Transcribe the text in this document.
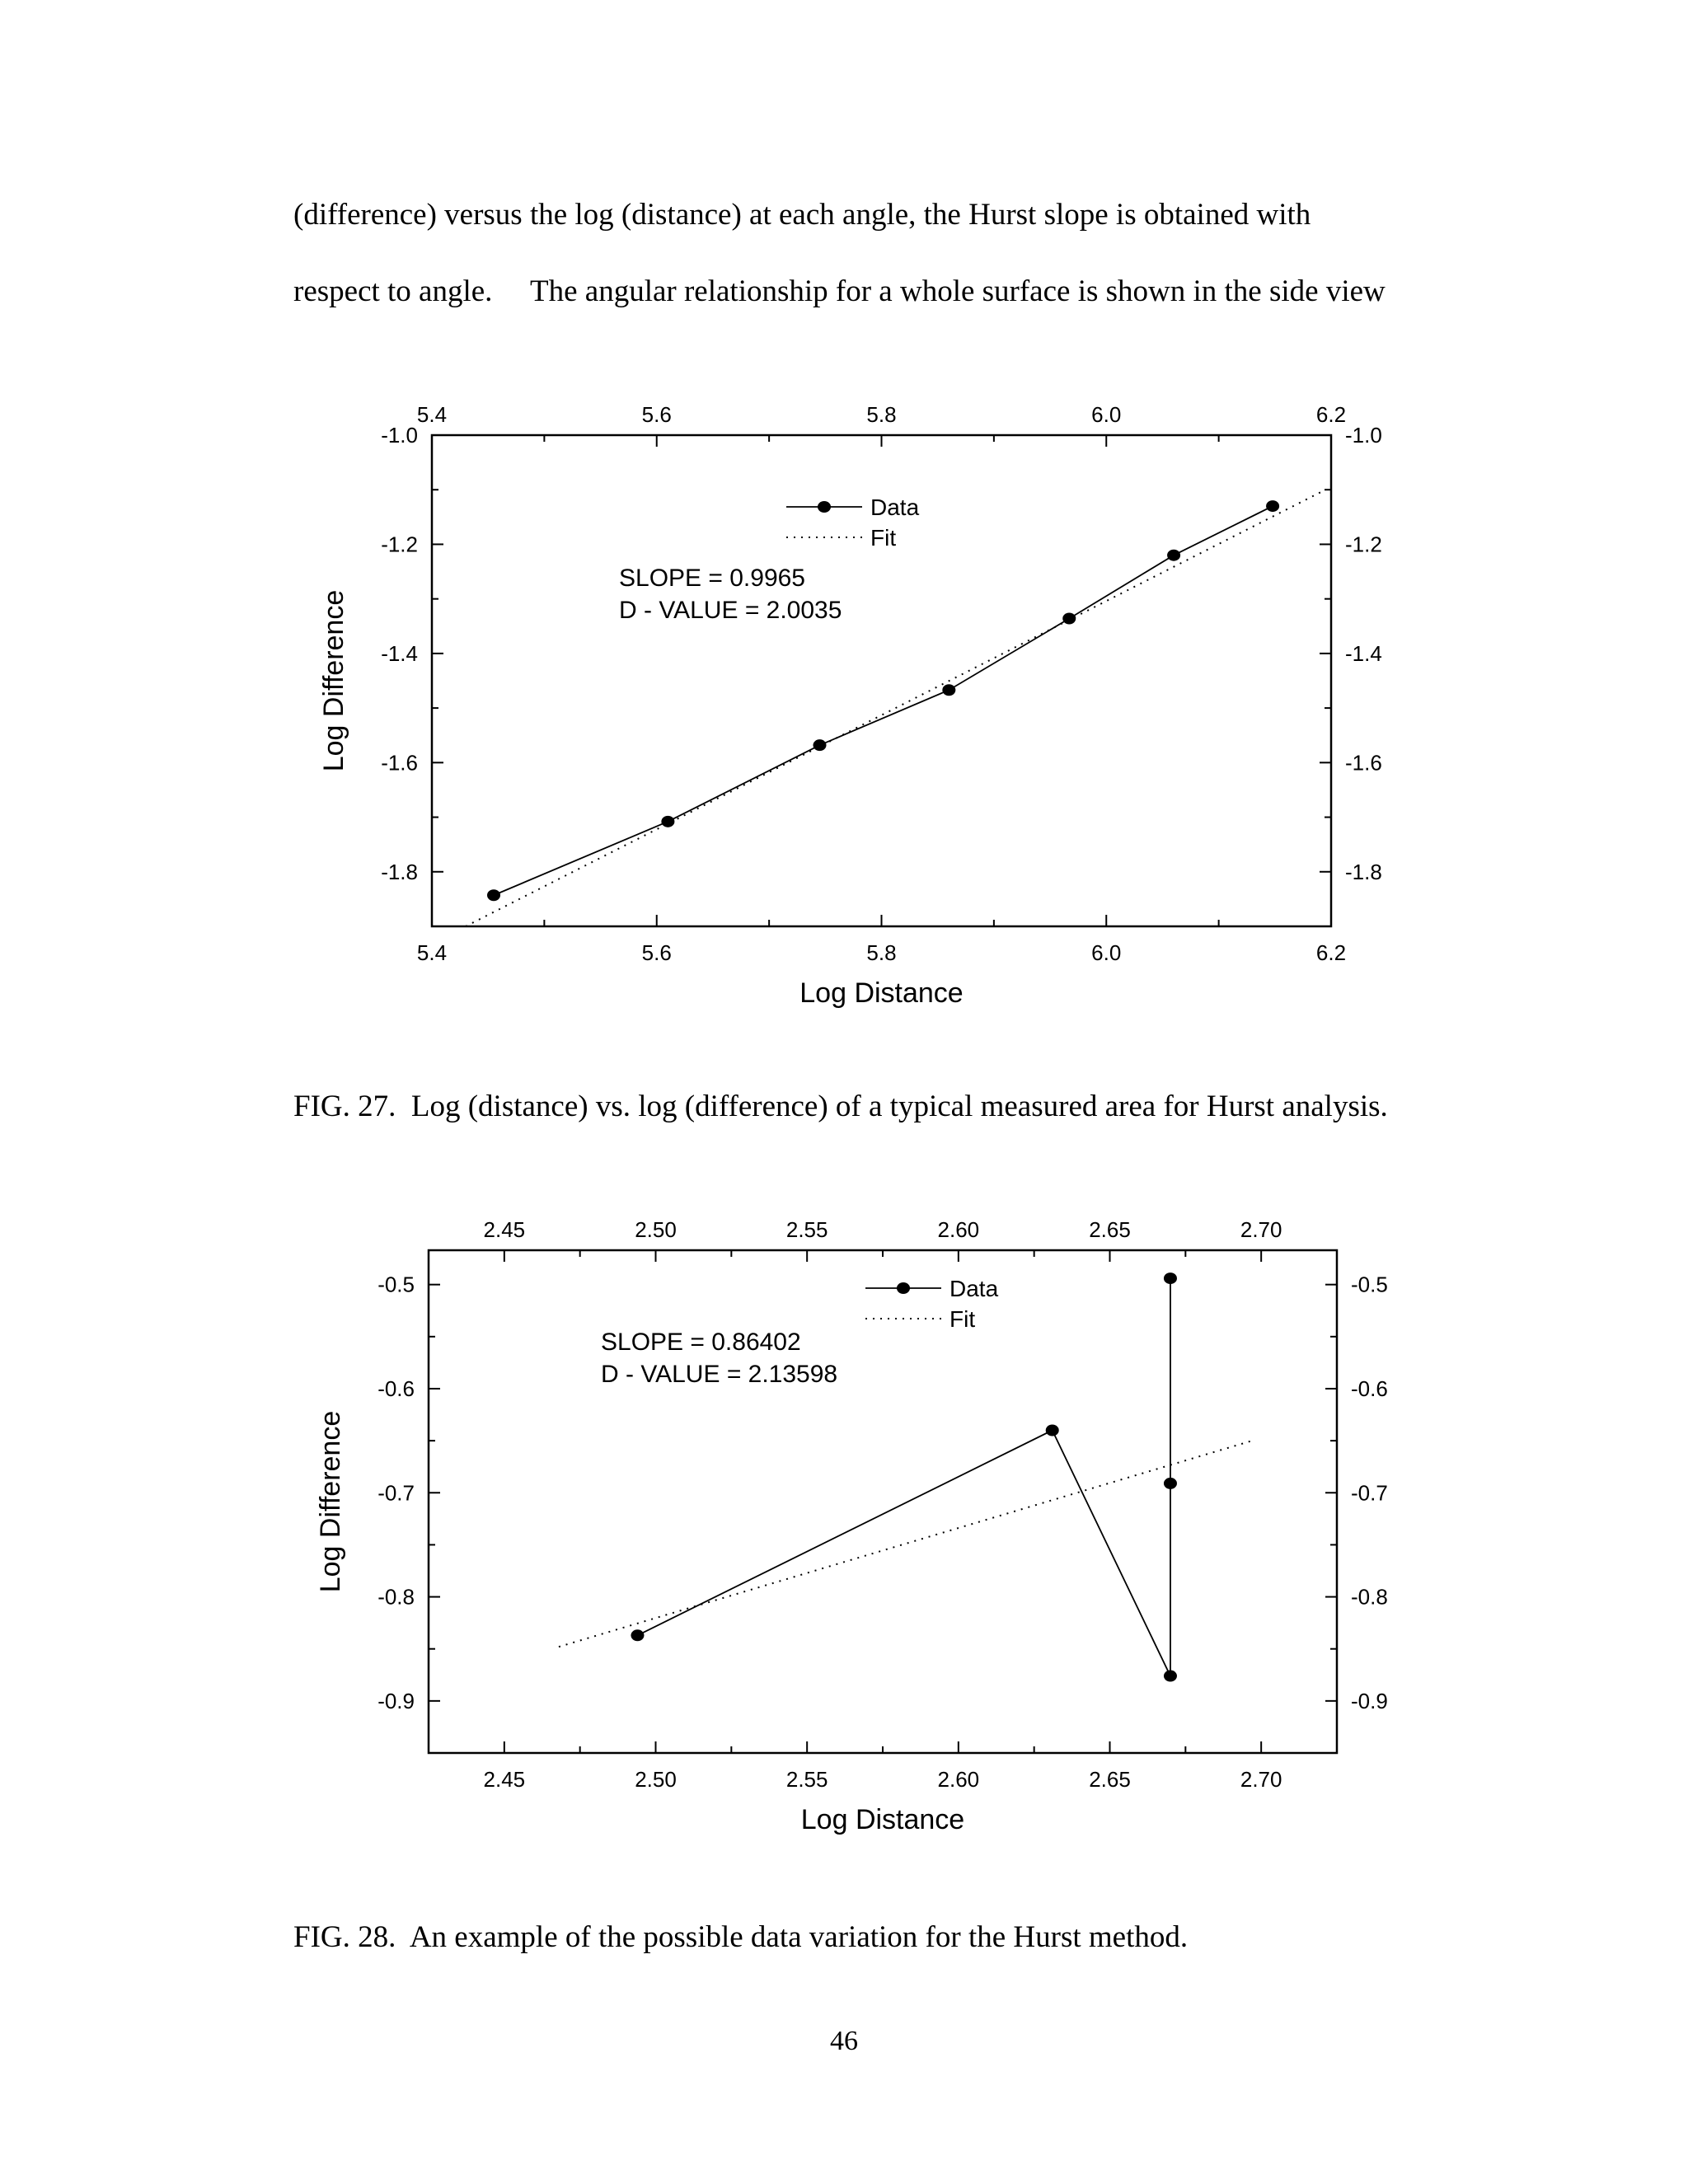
(difference) versus the log (distance) at each angle, the Hurst slope is obtained with
respect to angle.     The angular relationship for a whole surface is shown in the side view
5.4
5.4
5.6
5.6
5.8
5.8
6.0
6.0
6.2
6.2
-1.0	-1.0
-1.2	-1.2
-1.4	-1.4
-1.6	-1.6
-1.8	-1.8
Log Distance
Log Difference
Data
Fit
SLOPE = 0.9965
D - VALUE = 2.0035
2.45
2.45
2.50
2.50
2.55
2.55
2.60
2.60
2.65
2.65
2.70
2.70
-0.5	-0.5
-0.6	-0.6
-0.7	-0.7
-0.8	-0.8
-0.9	-0.9
Log Distance
Log Difference
Data
Fit
SLOPE = 0.86402
D - VALUE = 2.13598
FIG. 27.  Log (distance) vs. log (difference) of a typical measured area for Hurst analysis.
FIG. 28.  An example of the possible data variation for the Hurst method.
46
